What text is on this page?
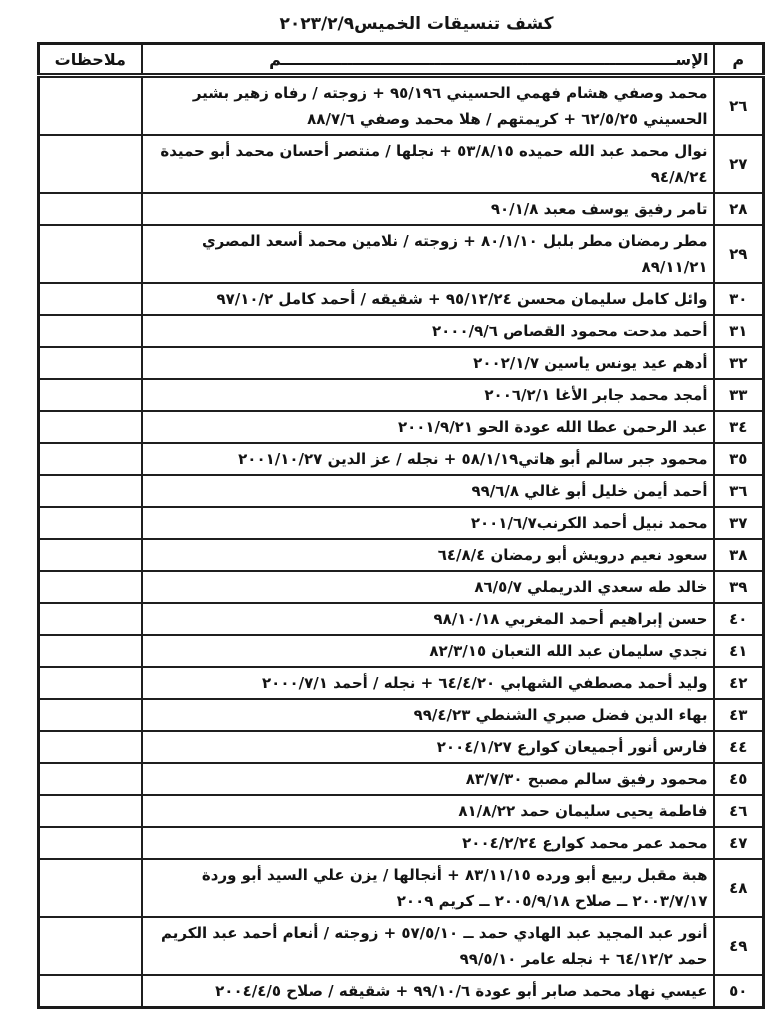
كشف تنسيقات الخميس٢٠٢٣/٢/٩
م	الإســــــــــــــــــــــــــــــــــــــــــــــــــــــــــــــــــــــــم	ملاحظات
٢٦	محمد وصفي هشام فهمي الحسيني ٩٥/١٩٦ + زوجته / رفاه زهير بشير الحسيني ٦٢/٥/٢٥ + كريمتهم / هلا محمد وصفي ٨٨/٧/٦	
٢٧	نوال محمد عبد الله حميده ٥٣/٨/١٥ + نجلها / منتصر أحسان محمد أبو حميدة ٩٤/٨/٢٤	
٢٨	تامر رفيق يوسف معبد ٩٠/١/٨	
٢٩	مطر رمضان مطر بلبل ٨٠/١/١٠ + زوجته / نلامين محمد أسعد المصري ٨٩/١١/٢١	
٣٠	وائل كامل سليمان محسن ٩٥/١٢/٢٤ + شقيقه / أحمد كامل ٩٧/١٠/٢	
٣١	أحمد مدحت محمود القصاص ٢٠٠٠/٩/٦	
٣٢	أدهم عيد يونس ياسين ٢٠٠٢/١/٧	
٣٣	أمجد محمد جابر الأغا ٢٠٠٦/٢/١	
٣٤	عبد الرحمن عطا الله عودة الحو ٢٠٠١/٩/٢١	
٣٥	محمود جبر سالم أبو هاتي٥٨/١/١٩ + نجله / عز الدين ٢٠٠١/١٠/٢٧	
٣٦	أحمد أيمن خليل أبو غالي ٩٩/٦/٨	
٣٧	محمد نبيل أحمد الكرنب٢٠٠١/٦/٧	
٣٨	سعود نعيم درويش أبو رمضان ٦٤/٨/٤	
٣٩	خالد طه سعدي الدريملي ٨٦/٥/٧	
٤٠	حسن إبراهيم أحمد المغربي ٩٨/١٠/١٨	
٤١	نجدي سليمان عبد الله التعبان ٨٢/٣/١٥	
٤٢	وليد أحمد مصطفي الشهابي ٦٤/٤/٢٠ + نجله / أحمد ٢٠٠٠/٧/١	
٤٣	بهاء الدين فضل صبري الشنطي ٩٩/٤/٢٣	
٤٤	فارس أنور أجميعان كوارع ٢٠٠٤/١/٢٧	
٤٥	محمود رفيق سالم مصبح ٨٣/٧/٣٠	
٤٦	فاطمة يحيى سليمان حمد ٨١/٨/٢٢	
٤٧	محمد عمر محمد كوارع ٢٠٠٤/٢/٢٤	
٤٨	هبة مقبل ربيع أبو ورده ٨٣/١١/١٥ + أنجالها / يزن علي السيد أبو وردة ٢٠٠٣/٧/١٧ ــ صلاح ٢٠٠٥/٩/١٨ ــ كريم ٢٠٠٩	
٤٩	أنور عبد المجيد عبد الهادي حمد ــ ٥٧/٥/١٠ + زوجته / أنعام أحمد عبد الكريم حمد ٦٤/١٢/٢ + نجله عامر ٩٩/٥/١٠	
٥٠	عيسي نهاد محمد صابر أبو عودة ٩٩/١٠/٦ + شقيقه / صلاح ٢٠٠٤/٤/٥	
